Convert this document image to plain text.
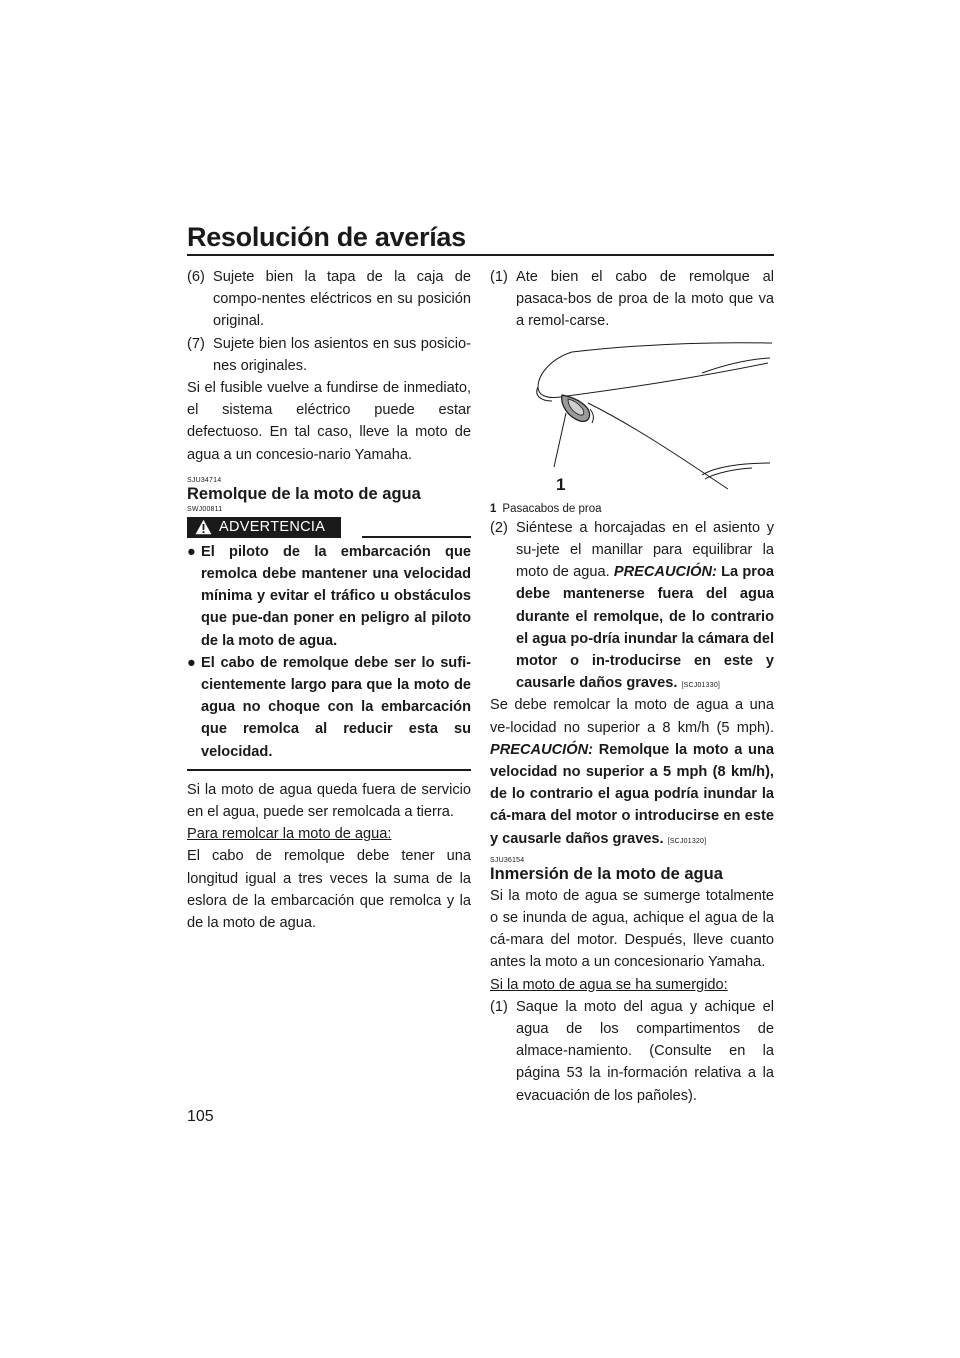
Resolución de averías
(6) Sujete bien la tapa de la caja de compo-nentes eléctricos en su posición original.
(7) Sujete bien los asientos en sus posicio-nes originales.

Si el fusible vuelve a fundirse de inmediato, el sistema eléctrico puede estar defectuoso. En tal caso, lleve la moto de agua a un concesio-nario Yamaha.

SJU34714
Remolque de la moto de agua
SWJ00811
ADVERTENCIA
● El piloto de la embarcación que remolca debe mantener una velocidad mínima y evitar el tráfico u obstáculos que pue-dan poner en peligro al piloto de la moto de agua.
● El cabo de remolque debe ser lo sufi-cientemente largo para que la moto de agua no choque con la embarcación que remolca al reducir esta su velocidad.

Si la moto de agua queda fuera de servicio en el agua, puede ser remolcada a tierra.

Para remolcar la moto de agua:

El cabo de remolque debe tener una longitud igual a tres veces la suma de la eslora de la embarcación que remolca y la de la moto de agua.

(1) Ate bien el cabo de remolque al pasaca-bos de proa de la moto que va a remol-carse.
1

1 Pasacabos de proa

(2) Siéntese a horcajadas en el asiento y su-jete el manillar para equilibrar la moto de agua. PRECAUCIÓN: La proa debe mantenerse fuera del agua durante el remolque, de lo contrario el agua po-dría inundar la cámara del motor o in-troducirse en este y causarle daños graves. [SCJ01330]

Se debe remolcar la moto de agua a una ve-locidad no superior a 8 km/h (5 mph). PRECAUCIÓN: Remolque la moto a una velocidad no superior a 5 mph (8 km/h), de lo contrario el agua podría inundar la cá-mara del motor o introducirse en este y causarle daños graves. [SCJ01320]

SJU36154
Inmersión de la moto de agua

Si la moto de agua se sumerge totalmente o se inunda de agua, achique el agua de la cá-mara del motor. Después, lleve cuanto antes la moto a un concesionario Yamaha.

Si la moto de agua se ha sumergido:

(1) Saque la moto del agua y achique el agua de los compartimentos de almace-namiento. (Consulte en la página 53 la in-formación relativa a la evacuación de los pañoles).
105
